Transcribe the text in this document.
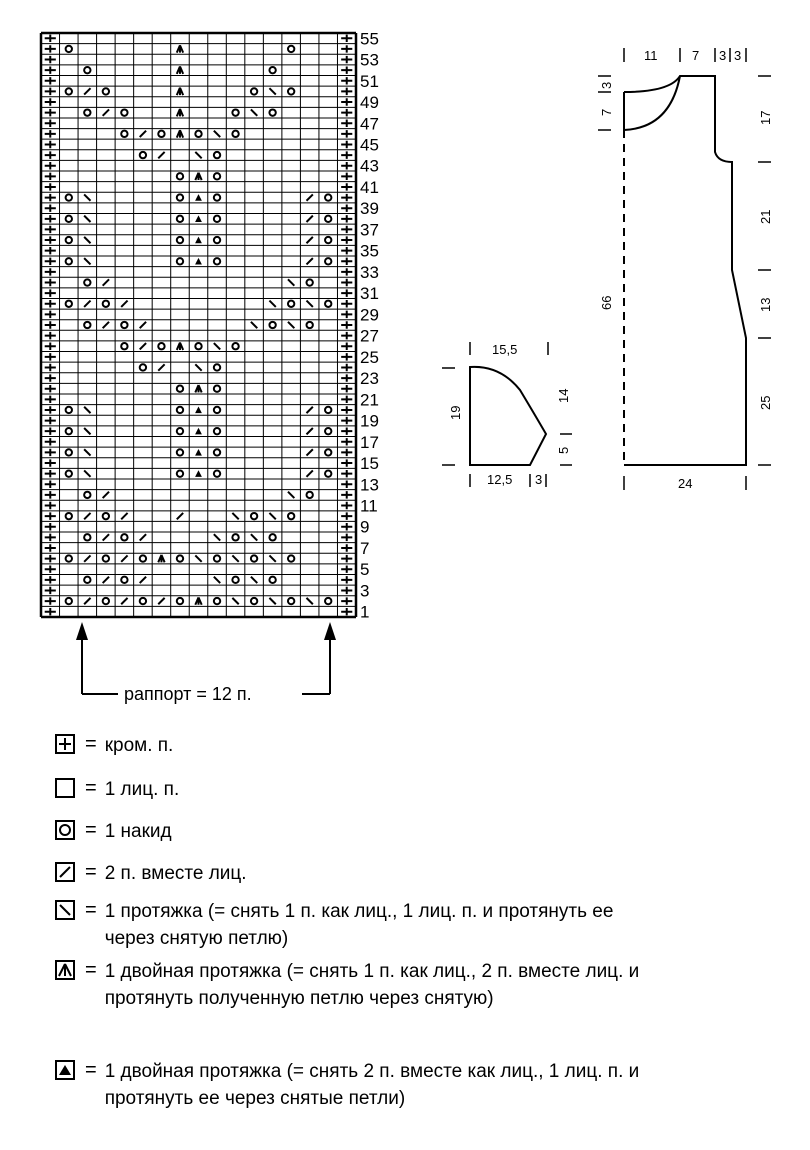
1
3
5
7
9
11
13
15
17
19
21
23
25
27
29
31
33
35
37
39
41
43
45
47
49
51
53
55
раппорт = 12 п.
15,5
19
14
5
12,5 3
11	7 3 3
3
7
66
17
21
13
25
24
= кром. п.
= 1 лиц. п.
= 1 накид
= 2 п. вместе лиц.
= 1 протяжка (= снять 1 п. как лиц., 1 лиц. п. и протянуть ее через снятую петлю)
= 1 двойная протяжка (= снять 1 п. как лиц., 2 п. вместе лиц. и протянуть полученную петлю через снятую)
= 1 двойная протяжка (= снять 2 п. вместе как лиц., 1 лиц. п. и протянуть ее через снятые петли)
